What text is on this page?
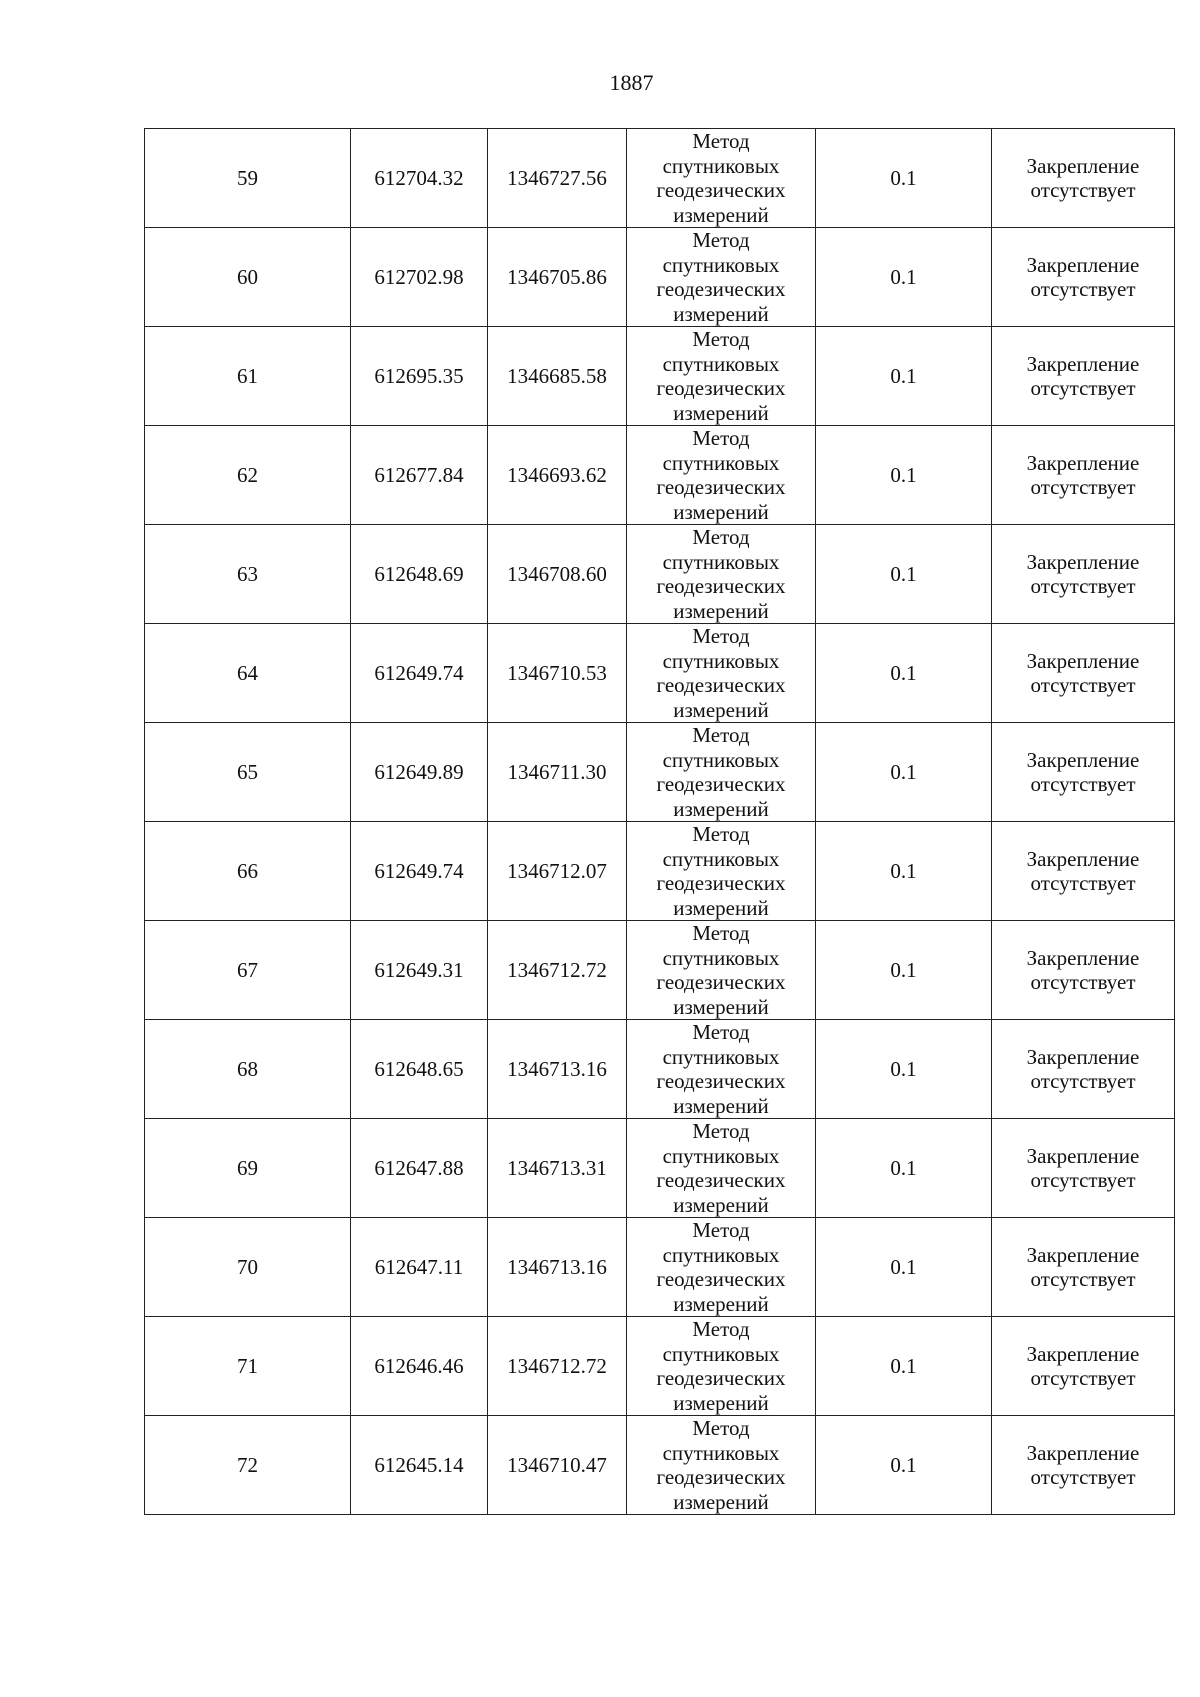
1887
59	612704.32	1346727.56	Метод
спутниковых
геодезических
измерений	0.1	Закрепление
отсутствует

60	612702.98	1346705.86	Метод
спутниковых
геодезических
измерений	0.1	Закрепление
отсутствует

61	612695.35	1346685.58	Метод
спутниковых
геодезических
измерений	0.1	Закрепление
отсутствует

62	612677.84	1346693.62	Метод
спутниковых
геодезических
измерений	0.1	Закрепление
отсутствует

63	612648.69	1346708.60	Метод
спутниковых
геодезических
измерений	0.1	Закрепление
отсутствует

64	612649.74	1346710.53	Метод
спутниковых
геодезических
измерений	0.1	Закрепление
отсутствует

65	612649.89	1346711.30	Метод
спутниковых
геодезических
измерений	0.1	Закрепление
отсутствует

66	612649.74	1346712.07	Метод
спутниковых
геодезических
измерений	0.1	Закрепление
отсутствует

67	612649.31	1346712.72	Метод
спутниковых
геодезических
измерений	0.1	Закрепление
отсутствует

68	612648.65	1346713.16	Метод
спутниковых
геодезических
измерений	0.1	Закрепление
отсутствует

69	612647.88	1346713.31	Метод
спутниковых
геодезических
измерений	0.1	Закрепление
отсутствует

70	612647.11	1346713.16	Метод
спутниковых
геодезических
измерений	0.1	Закрепление
отсутствует

71	612646.46	1346712.72	Метод
спутниковых
геодезических
измерений	0.1	Закрепление
отсутствует

72	612645.14	1346710.47	Метод
спутниковых
геодезических
измерений	0.1	Закрепление
отсутствует
